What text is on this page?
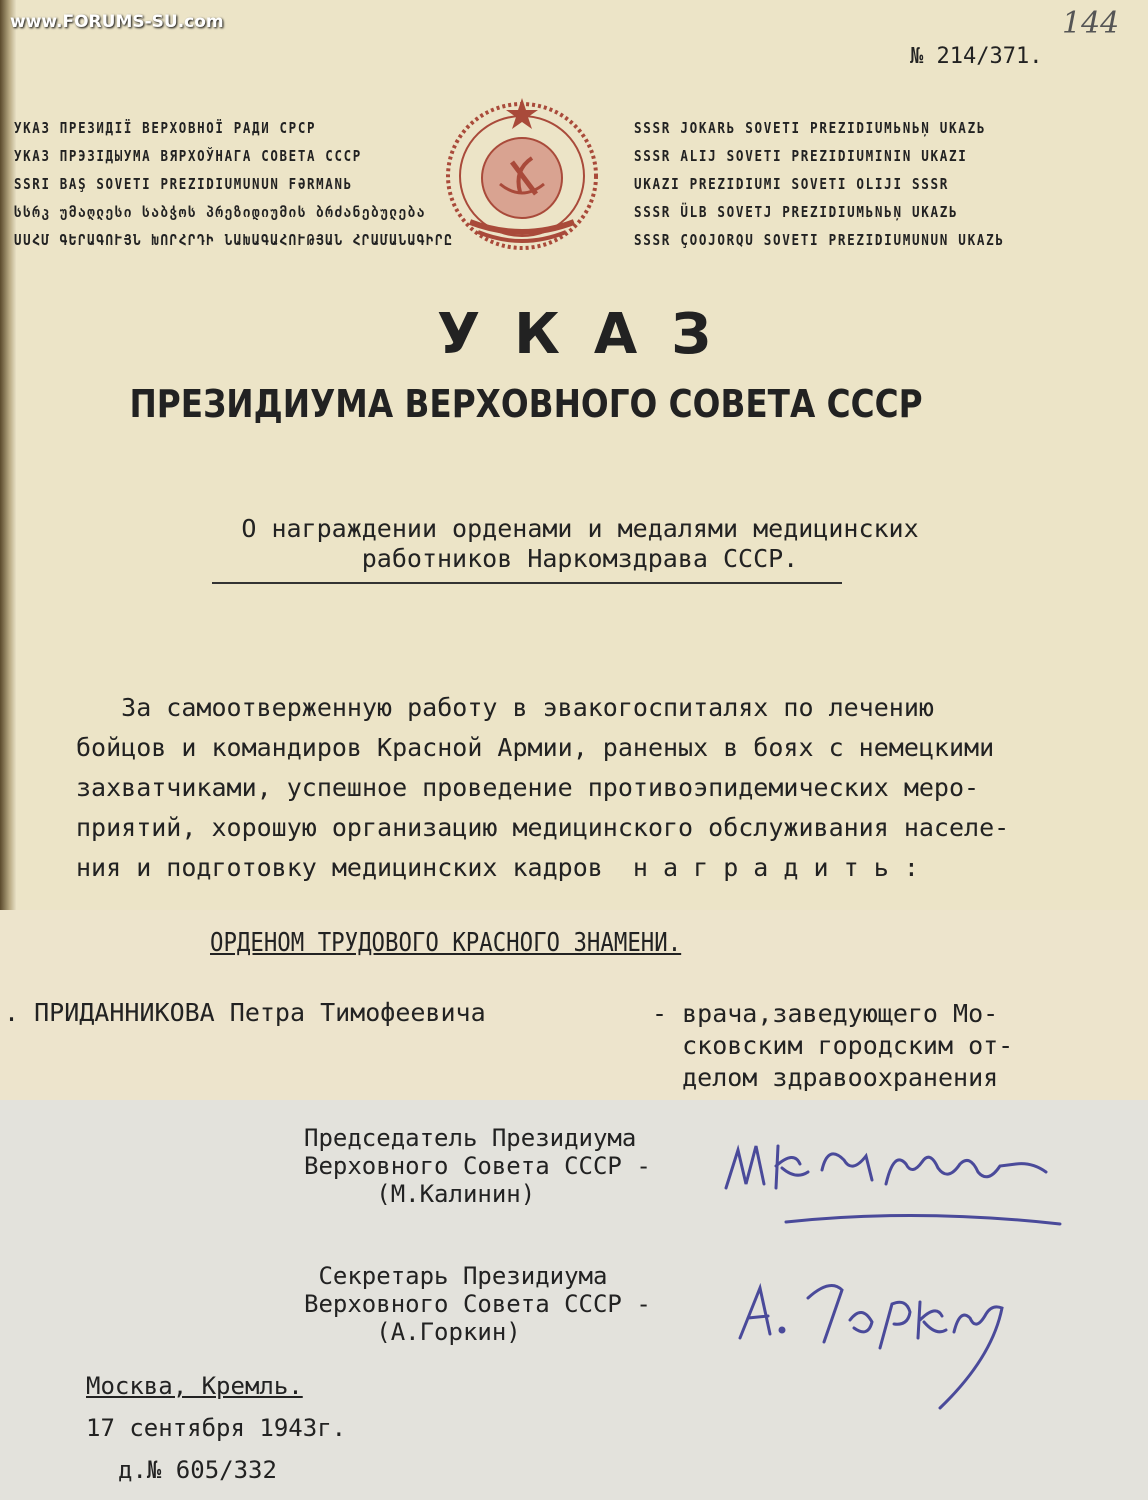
www.FORUMS-SU.com	144
№ 214/371.
УКАЗ ПРЕЗИДІЇ ВЕРХОВНОЇ РАДИ СРСР
УКАЗ ПРЭЗІДЫУМА ВЯРХОЎНАГА СОВЕТА СССР
SSRI BAŞ SOVETI PREZIDIUMUNUN FƏRMANЬ
სსრკ უმაღლესი საბჭოს პრეზიდიუმის ბრძანებულება
ՍՍՀՄ ԳԵՐԱԳՈՒՅՆ ԽՈՐՀՐԴԻ ՆԱԽԱԳԱՀՈՒԹՅԱՆ ՀՐԱՄԱՆԱԳԻՐԸ
SSSR JOKARЬ SOVETI PREZIDIUMЬNЬŅ UKAZЬ
SSSR ALIJ SOVETI PREZIDIUMININ UKAZI
UKAZI PREZIDIUMI SOVETI OLIJI SSSR
SSSR ÜLB SOVETJ PREZIDIUMЬNЬŅ UKAZЬ
SSSR ÇOOJORQU SOVETI PREZIDIUMUNUN UKAZЬ
УКАЗ
ПРЕЗИДИУМА ВЕРХОВНОГО СОВЕТА СССР
О награждении орденами и медалями медицинских
работников Наркомздрава СССР.
За самоотверженную работу в эвакогоспиталях по лечению
бойцов и командиров Красной Армии, раненых в боях с немецкими
захватчиками, успешное проведение противоэпидемических меро-
приятий, хорошую организацию медицинского обслуживания населе-
ния и подготовку медицинских кадров  н а г р а д и т ь :
ОРДЕНОМ ТРУДОВОГО КРАСНОГО ЗНАМЕНИ.
. ПРИДАННИКОВА Петра Тимофеевича	- врача,заведующего Мо-
сковским городским от-
делом здравоохранения
Председатель Президиума
Верховного Совета СССР -
(М.Калинин)
Секретарь Президиума
Верховного Совета СССР -
(А.Горкин)
Москва, Кремль.
17 сентября 1943г.
д.№ 605/332
